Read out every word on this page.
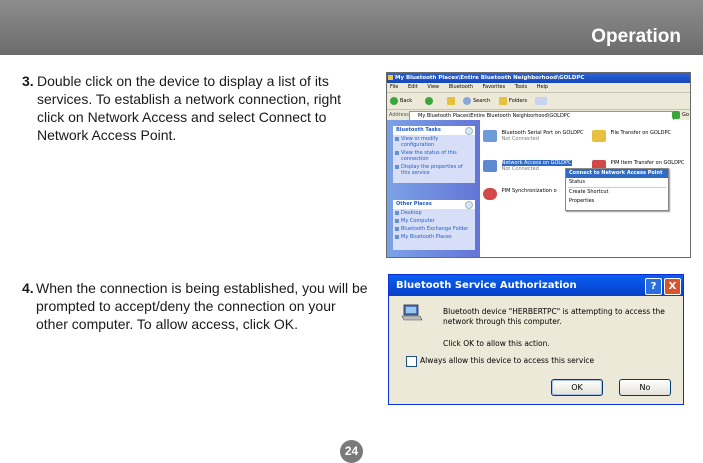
Operation
3. Double click on the device to display a list of its services. To establish a network connection, right click on Network Access and select Connect to Network Access Point.
4. When the connection is being established, you will be prompted to accept/deny the connection on your other computer. To allow access, click OK.
My Bluetooth Places\Entire Bluetooth Neighborhood\GOLDPC
File Edit View Bluetooth Favorites Tools Help
Back	Search	Folders
Address	My Bluetooth Places\Entire Bluetooth Neighborhood\GOLDPC	Go
Bluetooth Tasks
View or modify configuration
View the status of this connection
Display the properties of this service
Other Places
Desktop
My Computer
Bluetooth Exchange Folder
My Bluetooth Places
Bluetooth Serial Port on GOLDPC
Not Connected
File Transfer on GOLDPC
Network Access on GOLDPC
Not Connected
PIM Item Transfer on GOLDPC
PIM Synchronization o
Connect to Network Access Point
Status
Create Shortcut
Properties
Bluetooth Service Authorization	?	X
Bluetooth device "HERBERTPC" is attempting to access the network through this computer.
Click OK to allow this action.
Always allow this device to access this service
OK	No
24
